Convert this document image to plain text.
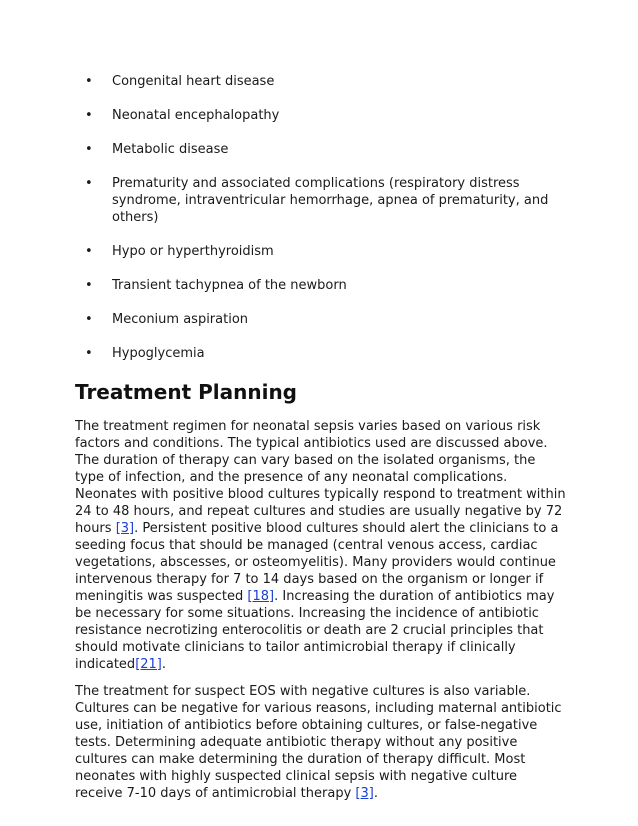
• Congenital heart disease
• Neonatal encephalopathy
• Metabolic disease
• Prematurity and associated complications (respiratory distress syndrome, intraventricular hemorrhage, apnea of prematurity, and others)
• Hypo or hyperthyroidism
• Transient tachypnea of the newborn
• Meconium aspiration
• Hypoglycemia
Treatment Planning

The treatment regimen for neonatal sepsis varies based on various risk factors and conditions. The typical antibiotics used are discussed above. The duration of therapy can vary based on the isolated organisms, the type of infection, and the presence of any neonatal complications. Neonates with positive blood cultures typically respond to treatment within 24 to 48 hours, and repeat cultures and studies are usually negative by 72 hours [3]. Persistent positive blood cultures should alert the clinicians to a seeding focus that should be managed (central venous access, cardiac vegetations, abscesses, or osteomyelitis). Many providers would continue intervenous therapy for 7 to 14 days based on the organism or longer if meningitis was suspected [18]. Increasing the duration of antibiotics may be necessary for some situations. Increasing the incidence of antibiotic resistance necrotizing enterocolitis or death are 2 crucial principles that should motivate clinicians to tailor antimicrobial therapy if clinically indicated[21].

The treatment for suspect EOS with negative cultures is also variable. Cultures can be negative for various reasons, including maternal antibiotic use, initiation of antibiotics before obtaining cultures, or false-negative tests. Determining adequate antibiotic therapy without any positive cultures can make determining the duration of therapy difficult. Most neonates with highly suspected clinical sepsis with negative culture receive 7-10 days of antimicrobial therapy [3].
